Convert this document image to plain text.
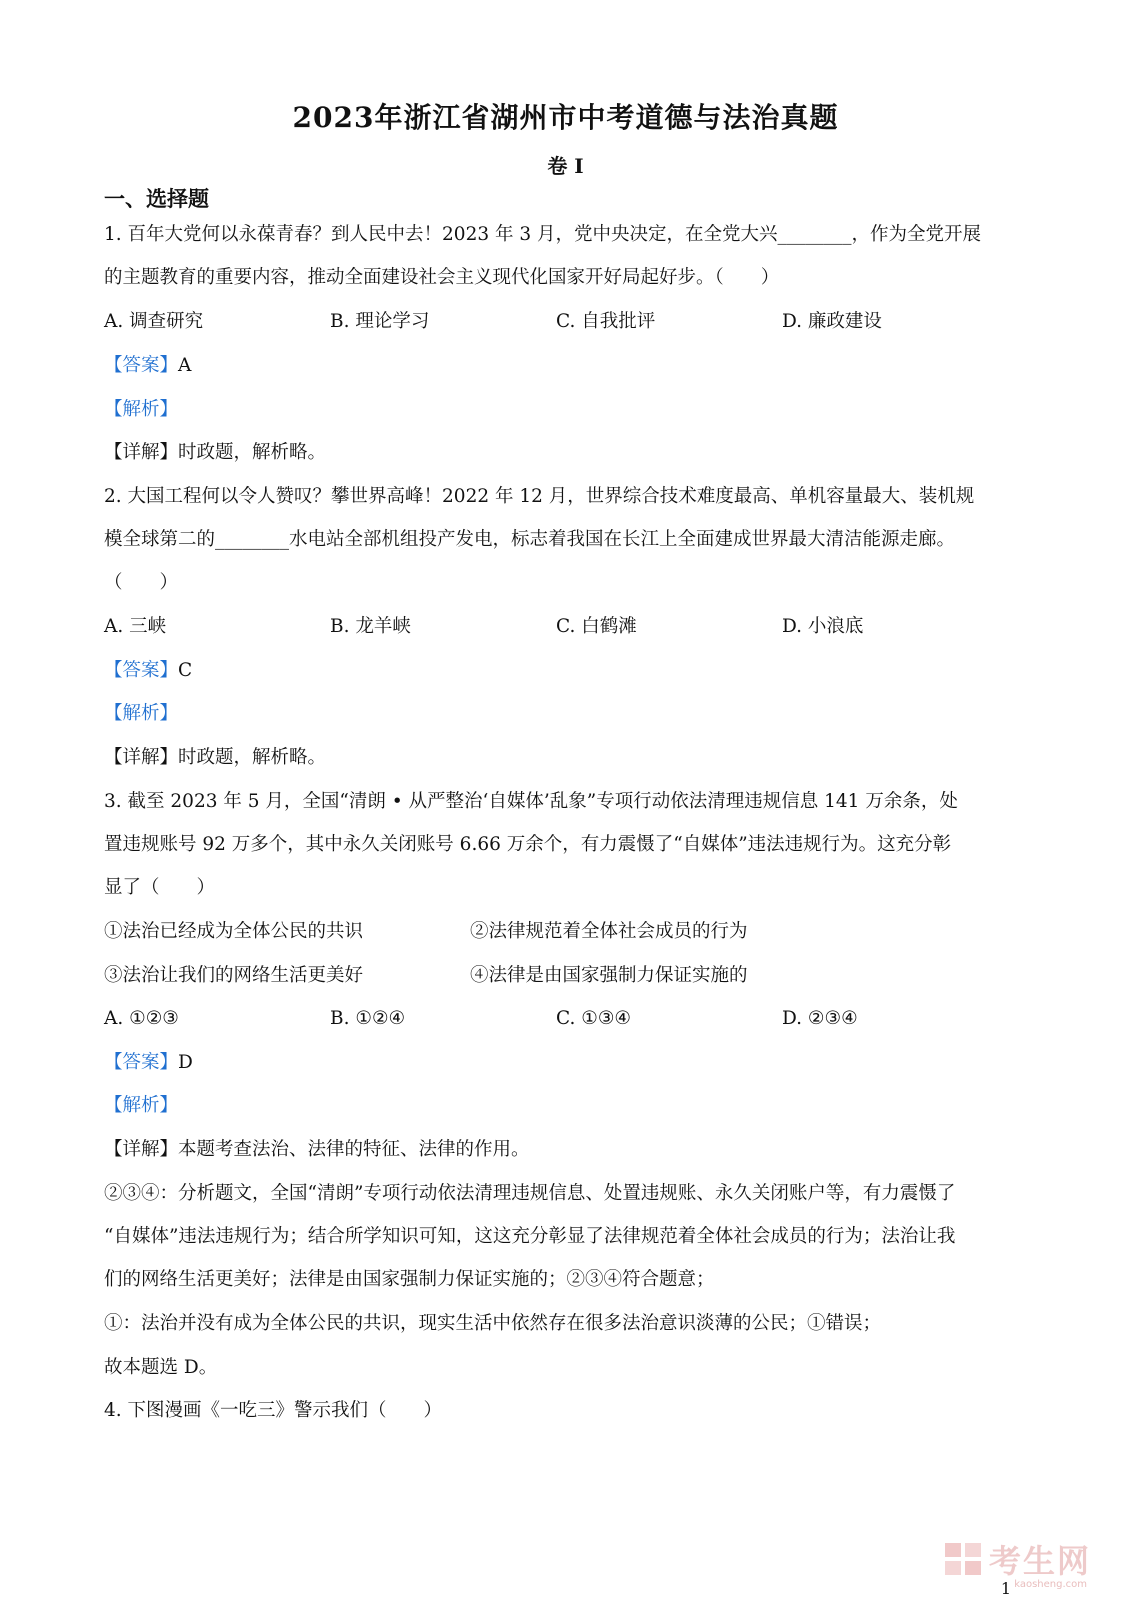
2023年浙江省湖州市中考道德与法治真题
卷 I
一、选择题
1. 百年大党何以永葆青春？到人民中去！2023 年 3 月，党中央决定，在全党大兴________，作为全党开展
的主题教育的重要内容，推动全面建设社会主义现代化国家开好局起好步。（　　）
A. 调查研究	B. 理论学习	C. 自我批评	D. 廉政建设
【答案】A
【解析】
【详解】时政题，解析略。
2. 大国工程何以令人赞叹？攀世界高峰！2022 年 12 月，世界综合技术难度最高、单机容量最大、装机规
模全球第二的________水电站全部机组投产发电，标志着我国在长江上全面建成世界最大清洁能源走廊。
（　　）
A. 三峡	B. 龙羊峡	C. 白鹤滩	D. 小浪底
【答案】C
【解析】
【详解】时政题，解析略。
3. 截至 2023 年 5 月，全国“清朗 • 从严整治‘自媒体’乱象”专项行动依法清理违规信息 141 万余条，处
置违规账号 92 万多个，其中永久关闭账号 6.66 万余个，有力震慑了“自媒体”违法违规行为。这充分彰
显了（　　）
①法治已经成为全体公民的共识	②法律规范着全体社会成员的行为
③法治让我们的网络生活更美好	④法律是由国家强制力保证实施的
A. ①②③	B. ①②④	C. ①③④	D. ②③④
【答案】D
【解析】
【详解】本题考查法治、法律的特征、法律的作用。
②③④：分析题文，全国“清朗”专项行动依法清理违规信息、处置违规账、永久关闭账户等，有力震慑了
“自媒体”违法违规行为；结合所学知识可知，这这充分彰显了法律规范着全体社会成员的行为；法治让我
们的网络生活更美好；法律是由国家强制力保证实施的；②③④符合题意；
①：法治并没有成为全体公民的共识，现实生活中依然存在很多法治意识淡薄的公民；①错误；
故本题选 D。
4. 下图漫画《一吃三》警示我们（　　）
考生网
kaosheng.com
1
